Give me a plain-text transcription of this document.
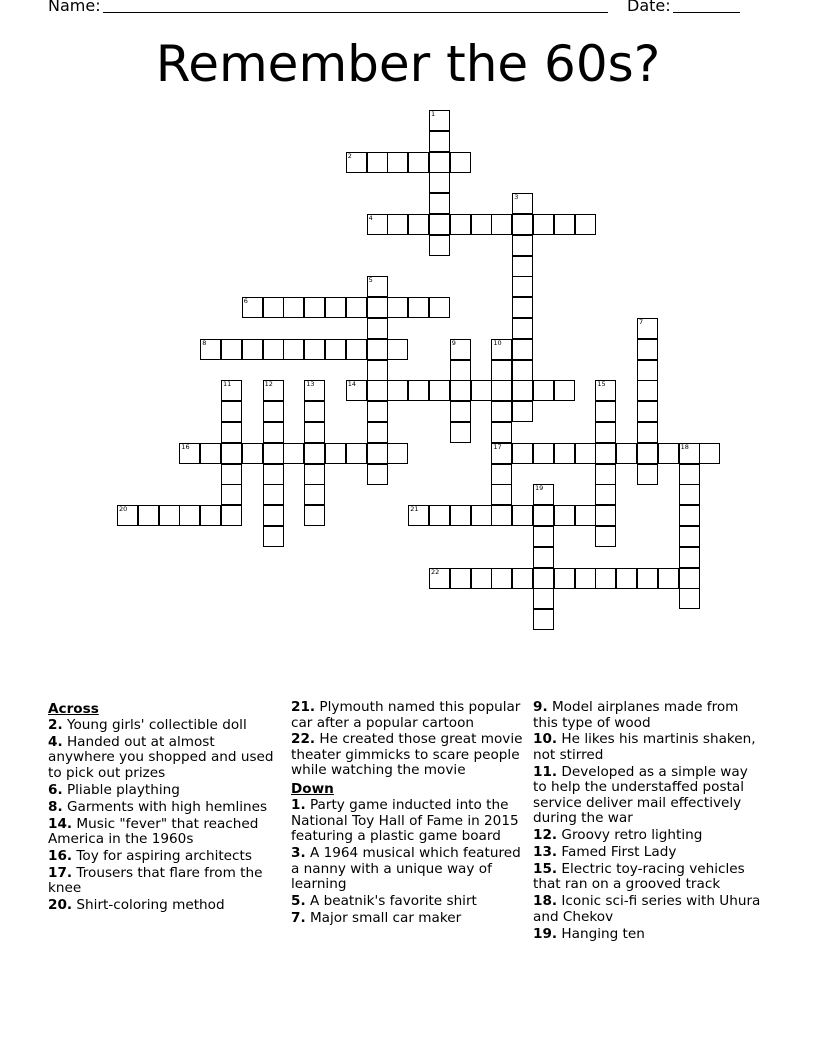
Name:	Date:
Remember the 60s?
1
2
3
4
5
6
7
8	9	10
17
11	12	13	14	15
16	18
19
20	21
22
Across
2. Young girls' collectible doll
4. Handed out at almost anywhere you shopped and used to pick out prizes
6. Pliable plaything
8. Garments with high hemlines
14. Music "fever" that reached America in the 1960s
16. Toy for aspiring architects
17. Trousers that flare from the knee
20. Shirt-coloring method
21. Plymouth named this popular car after a popular cartoon
22. He created those great movie theater gimmicks to scare people while watching the movie
Down
1. Party game inducted into the National Toy Hall of Fame in 2015 featuring a plastic game board
3. A 1964 musical which featured a nanny with a unique way of learning
5. A beatnik's favorite shirt
7. Major small car maker
9. Model airplanes made from this type of wood
10. He likes his martinis shaken, not stirred
11. Developed as a simple way to help the understaffed postal service deliver mail effectively during the war
12. Groovy retro lighting
13. Famed First Lady
15. Electric toy-racing vehicles that ran on a grooved track
18. Iconic sci-fi series with Uhura and Chekov
19. Hanging ten
